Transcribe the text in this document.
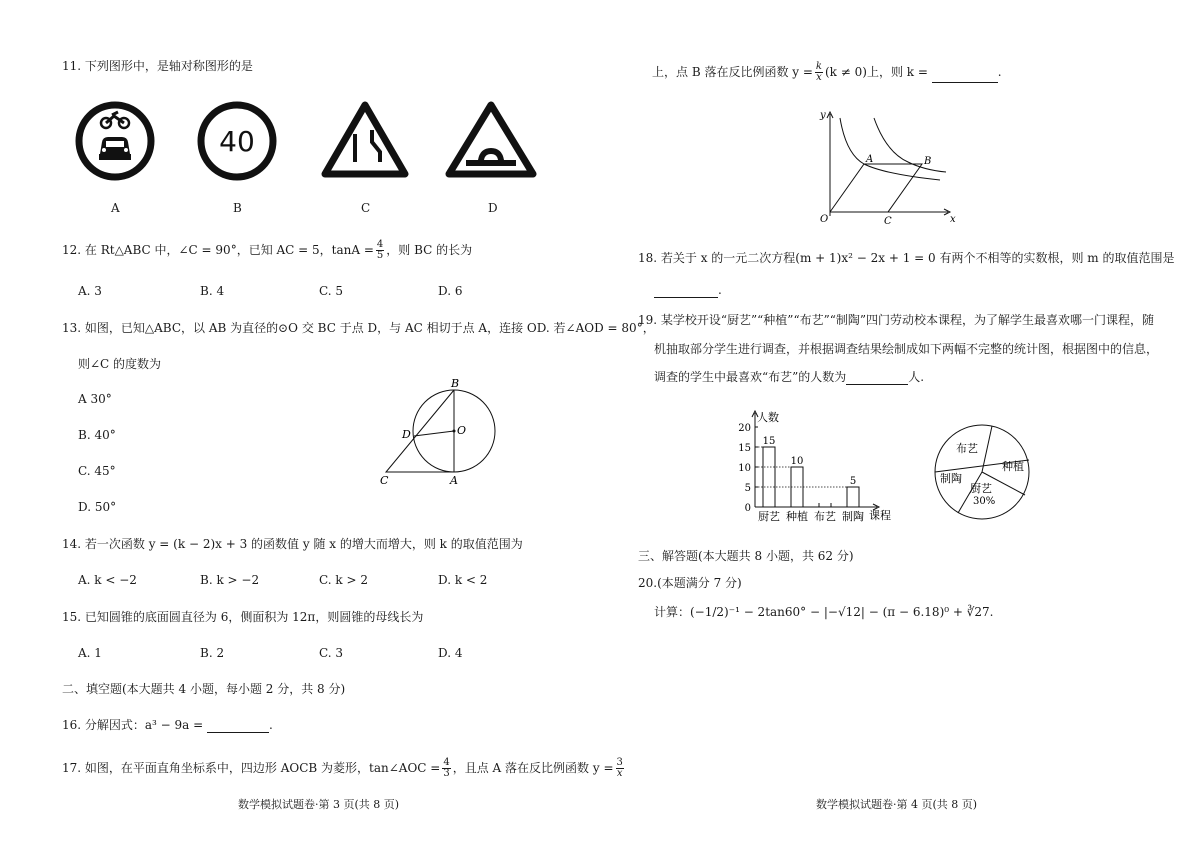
11. 下列图形中，是轴对称图形的是
A
40
B	C	D
12. 在 Rt△ABC 中，∠C = 90°，已知 AC = 5，$\tan A = \frac{4}{5}$ ，则 BC 的长为
A. 3	B. 4	C. 5	D. 6
13. 如图，已知△ABC，以 AB 为直径的⊙O 交 BC 于点 D，与 AC 相切于点 A，连接 OD. 若∠AOD = 80°，
则∠C 的度数为
A 30°
B. 40°
C. 45°
D. 50°
B
O
D
C	A
14. 若一次函数 y = (k − 2)x + 3 的函数值 y 随 x 的增大而增大，则 k 的取值范围为
A. k < −2	B. k > −2	C. k > 2	D. k < 2
15. 已知圆锥的底面圆直径为 6，侧面积为 12π，则圆锥的母线长为
A. 1	B. 2	C. 3	D. 4
二、填空题(本大题共 4 小题，每小题 2 分，共 8 分)
16. 分解因式：a³ − 9a =	.
17. 如图，在平面直角坐标系中，四边形 AOCB 为菱形，tan∠AOC = $\frac{4}{3}$ ，且点 A 落在反比例函数 $y = \frac{3}{x}$
数学模拟试题卷·第 3 页(共 8 页)
上，点 B 落在反比例函数 $y = \frac{k}{x} (k \ne 0)$上，则 k =	.
y
x
O
A	B
C
18. 若关于 x 的一元二次方程(m + 1)x² − 2x + 1 = 0 有两个不相等的实数根，则 m 的取值范围是
.
19. 某学校开设“厨艺”“种植”“布艺”“制陶”四门劳动校本课程，为了解学生最喜欢哪一门课程，随
机抽取部分学生进行调查，并根据调查结果绘制成如下两幅不完整的统计图，根据图中的信息，
调查的学生中最喜欢“布艺”的人数为	人.
人数
课程
0
5
10
15
20
15
厨艺
10
种植 布艺
5
制陶
布艺
种植
制陶
厨艺
30%
三、解答题(本大题共 8 小题，共 62 分)
20.(本题满分 7 分)
计算：(−1/2)⁻¹ − 2tan60° − |−√12| − (π − 6.18)⁰ + ∛27.
数学模拟试题卷·第 4 页(共 8 页)
